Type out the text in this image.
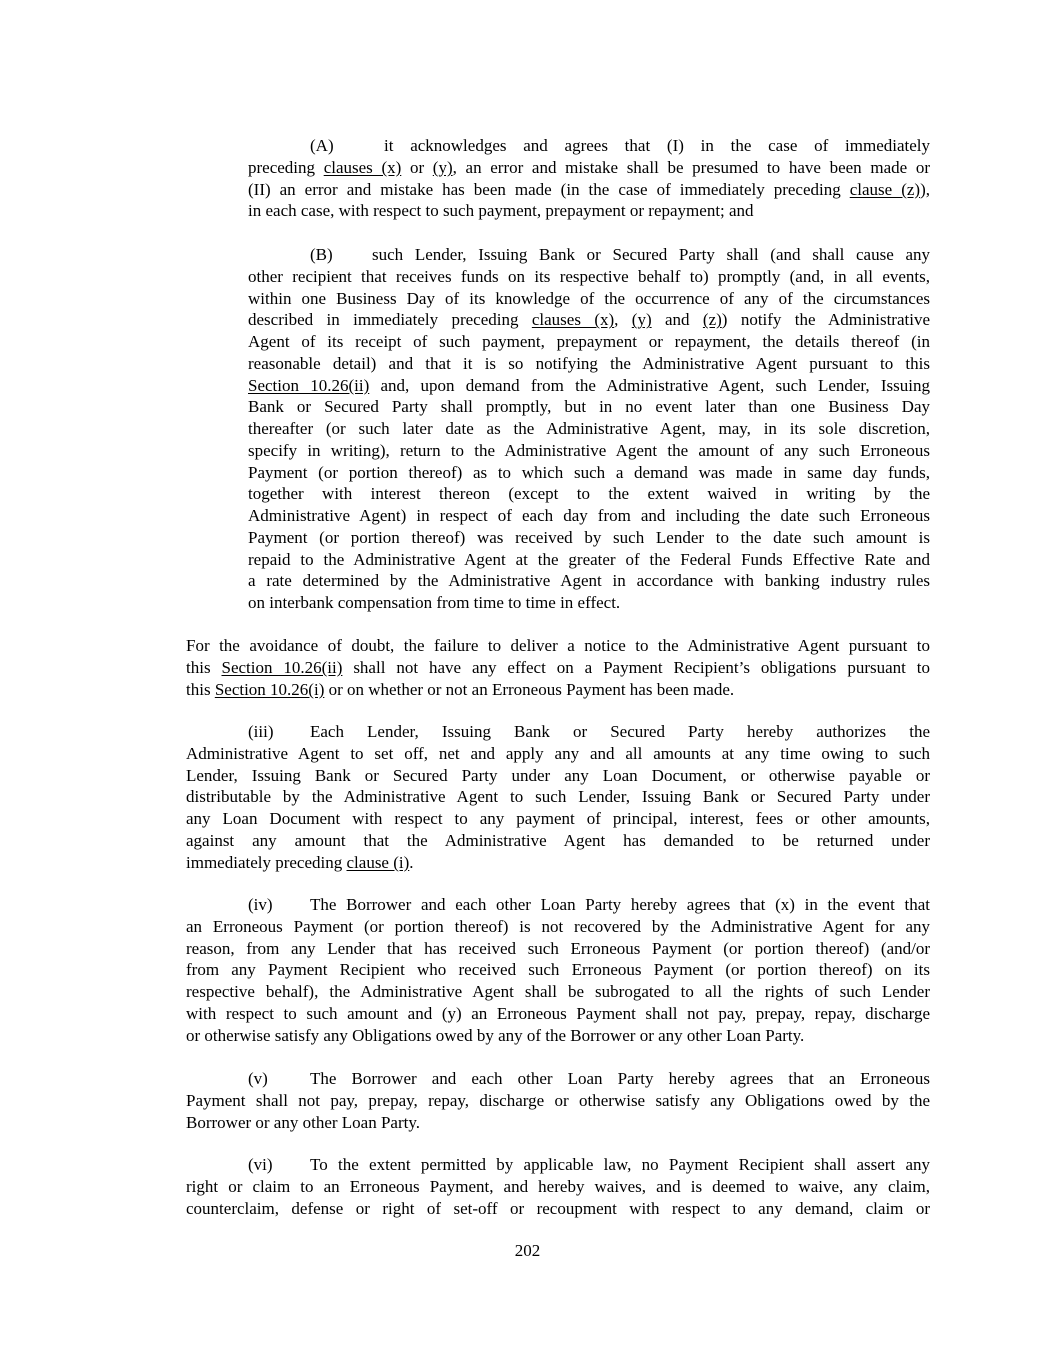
(A)	it acknowledges and agrees that (I) in the case of immediately
preceding clauses (x) or (y), an error and mistake shall be presumed to have been made or
(II) an error and mistake has been made (in the case of immediately preceding clause (z)),
in each case, with respect to such payment, prepayment or repayment; and
(B) such Lender, Issuing Bank or Secured Party shall (and shall cause any
other recipient that receives funds on its respective behalf to) promptly (and, in all events,
within one Business Day of its knowledge of the occurrence of any of the circumstances
described in immediately preceding clauses (x), (y) and (z)) notify the Administrative
Agent of its receipt of such payment, prepayment or repayment, the details thereof (in
reasonable detail) and that it is so notifying the Administrative Agent pursuant to this
Section 10.26(ii) and, upon demand from the Administrative Agent, such Lender, Issuing
Bank or Secured Party shall promptly, but in no event later than one Business Day
thereafter (or such later date as the Administrative Agent, may, in its sole discretion,
specify in writing), return to the Administrative Agent the amount of any such Erroneous
Payment (or portion thereof) as to which such a demand was made in same day funds,
together with interest thereon (except to the extent waived in writing by the
Administrative Agent) in respect of each day from and including the date such Erroneous
Payment (or portion thereof) was received by such Lender to the date such amount is
repaid to the Administrative Agent at the greater of the Federal Funds Effective Rate and
a rate determined by the Administrative Agent in accordance with banking industry rules
on interbank compensation from time to time in effect.
For the avoidance of doubt, the failure to deliver a notice to the Administrative Agent pursuant to
this Section 10.26(ii) shall not have any effect on a Payment Recipient’s obligations pursuant to
this Section 10.26(i) or on whether or not an Erroneous Payment has been made.
(iii) Each Lender, Issuing Bank or Secured Party hereby authorizes the
Administrative Agent to set off, net and apply any and all amounts at any time owing to such
Lender, Issuing Bank or Secured Party under any Loan Document, or otherwise payable or
distributable by the Administrative Agent to such Lender, Issuing Bank or Secured Party under
any Loan Document with respect to any payment of principal, interest, fees or other amounts,
against any amount that the Administrative Agent has demanded to be returned under
immediately preceding clause (i).
(iv) The Borrower and each other Loan Party hereby agrees that (x) in the event that
an Erroneous Payment (or portion thereof) is not recovered by the Administrative Agent for any
reason, from any Lender that has received such Erroneous Payment (or portion thereof) (and/or
from any Payment Recipient who received such Erroneous Payment (or portion thereof) on its
respective behalf), the Administrative Agent shall be subrogated to all the rights of such Lender
with respect to such amount and (y) an Erroneous Payment shall not pay, prepay, repay, discharge
or otherwise satisfy any Obligations owed by any of the Borrower or any other Loan Party.
(v) The Borrower and each other Loan Party hereby agrees that an Erroneous
Payment shall not pay, prepay, repay, discharge or otherwise satisfy any Obligations owed by the
Borrower or any other Loan Party.
(vi) To the extent permitted by applicable law, no Payment Recipient shall assert any
right or claim to an Erroneous Payment, and hereby waives, and is deemed to waive, any claim,
counterclaim, defense or right of set-off or recoupment with respect to any demand, claim or
202
